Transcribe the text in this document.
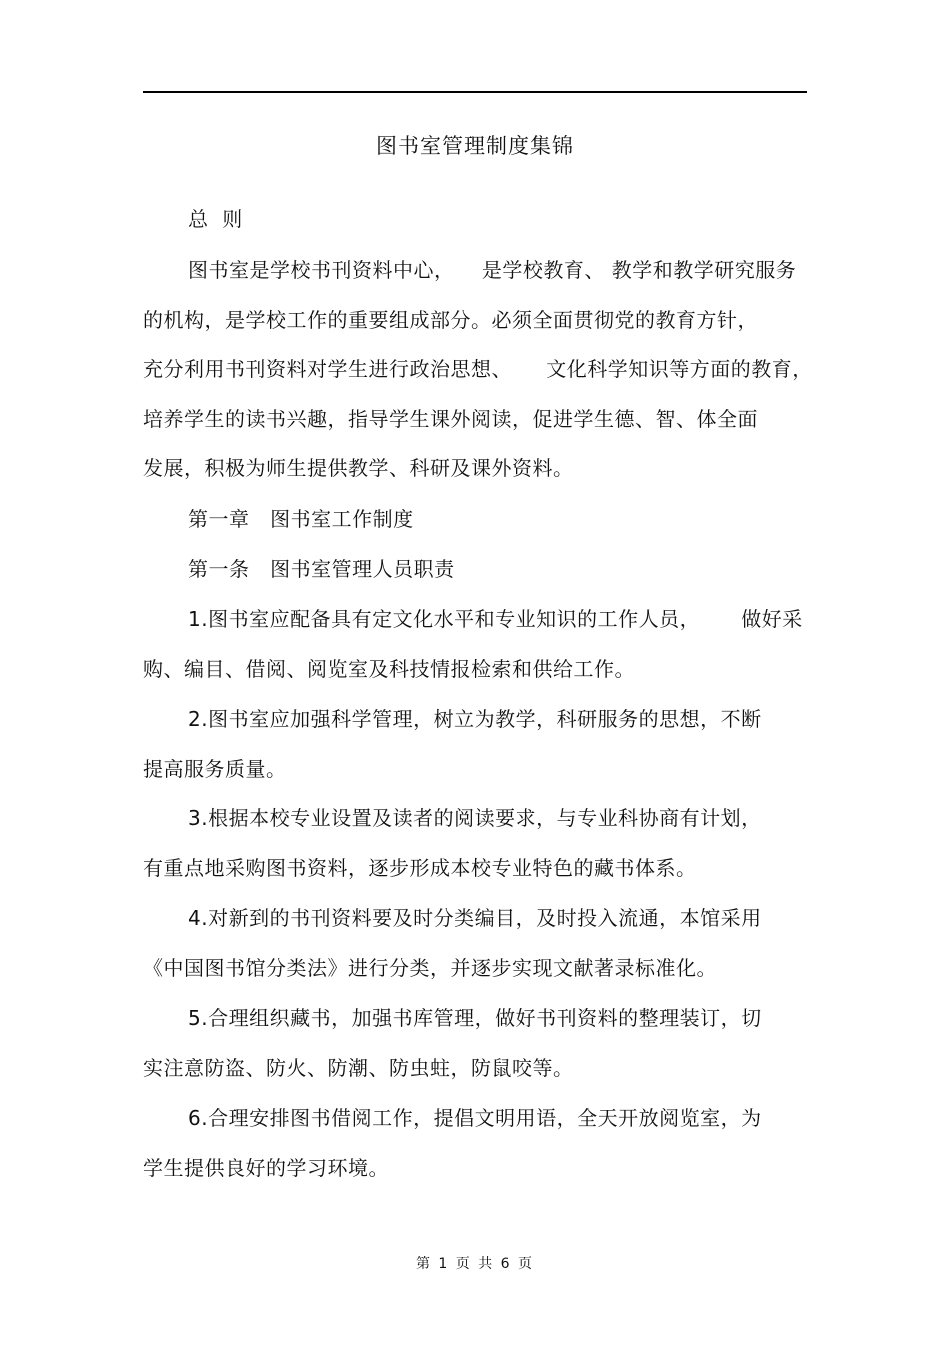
图书室管理制度集锦
总  则
图书室是学校书刊资料中心，    是学校教育、 教学和教学研究服务
的机构，是学校工作的重要组成部分。必须全面贯彻党的教育方针，
充分利用书刊资料对学生进行政治思想、     文化科学知识等方面的教育，
培养学生的读书兴趣，指导学生课外阅读，促进学生德、智、体全面
发展，积极为师生提供教学、科研及课外资料。
第一章   图书室工作制度
第一条   图书室管理人员职责
1.图书室应配备具有定文化水平和专业知识的工作人员，      做好采
购、编目、借阅、阅览室及科技情报检索和供给工作。
2.图书室应加强科学管理，树立为教学，科研服务的思想，不断
提高服务质量。
3.根据本校专业设置及读者的阅读要求，与专业科协商有计划，
有重点地采购图书资料，逐步形成本校专业特色的藏书体系。
4.对新到的书刊资料要及时分类编目，及时投入流通，本馆采用
《中国图书馆分类法》进行分类，并逐步实现文献著录标准化。
5.合理组织藏书，加强书库管理，做好书刊资料的整理装订，切
实注意防盗、防火、防潮、防虫蛀，防鼠咬等。
6.合理安排图书借阅工作，提倡文明用语，全天开放阅览室，为
学生提供良好的学习环境。
第 1 页 共 6 页
